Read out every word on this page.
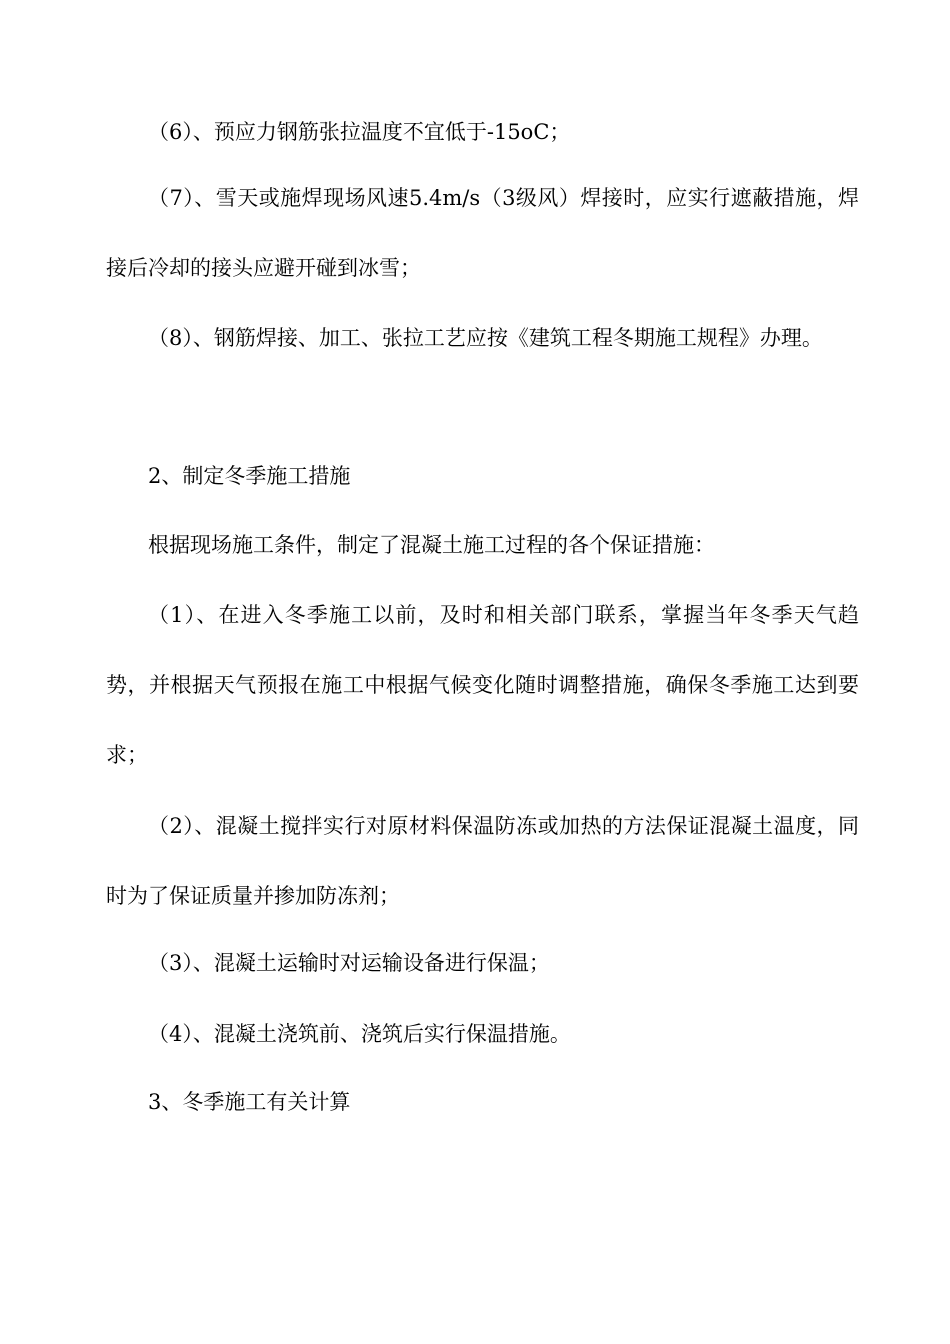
（6）、预应力钢筋张拉温度不宜低于-15oC；

（7）、雪天或施焊现场风速5.4m/s（3级风）焊接时，应实行遮蔽措施，焊接后冷却的接头应避开碰到冰雪；

（8）、钢筋焊接、加工、张拉工艺应按《建筑工程冬期施工规程》办理。

2、制定冬季施工措施

根据现场施工条件，制定了混凝土施工过程的各个保证措施：

（1）、在进入冬季施工以前，及时和相关部门联系，掌握当年冬季天气趋势，并根据天气预报在施工中根据气候变化随时调整措施，确保冬季施工达到要求；

（2）、混凝土搅拌实行对原材料保温防冻或加热的方法保证混凝土温度，同时为了保证质量并掺加防冻剂；

（3）、混凝土运输时对运输设备进行保温；

（4）、混凝土浇筑前、浇筑后实行保温措施。

3、冬季施工有关计算
